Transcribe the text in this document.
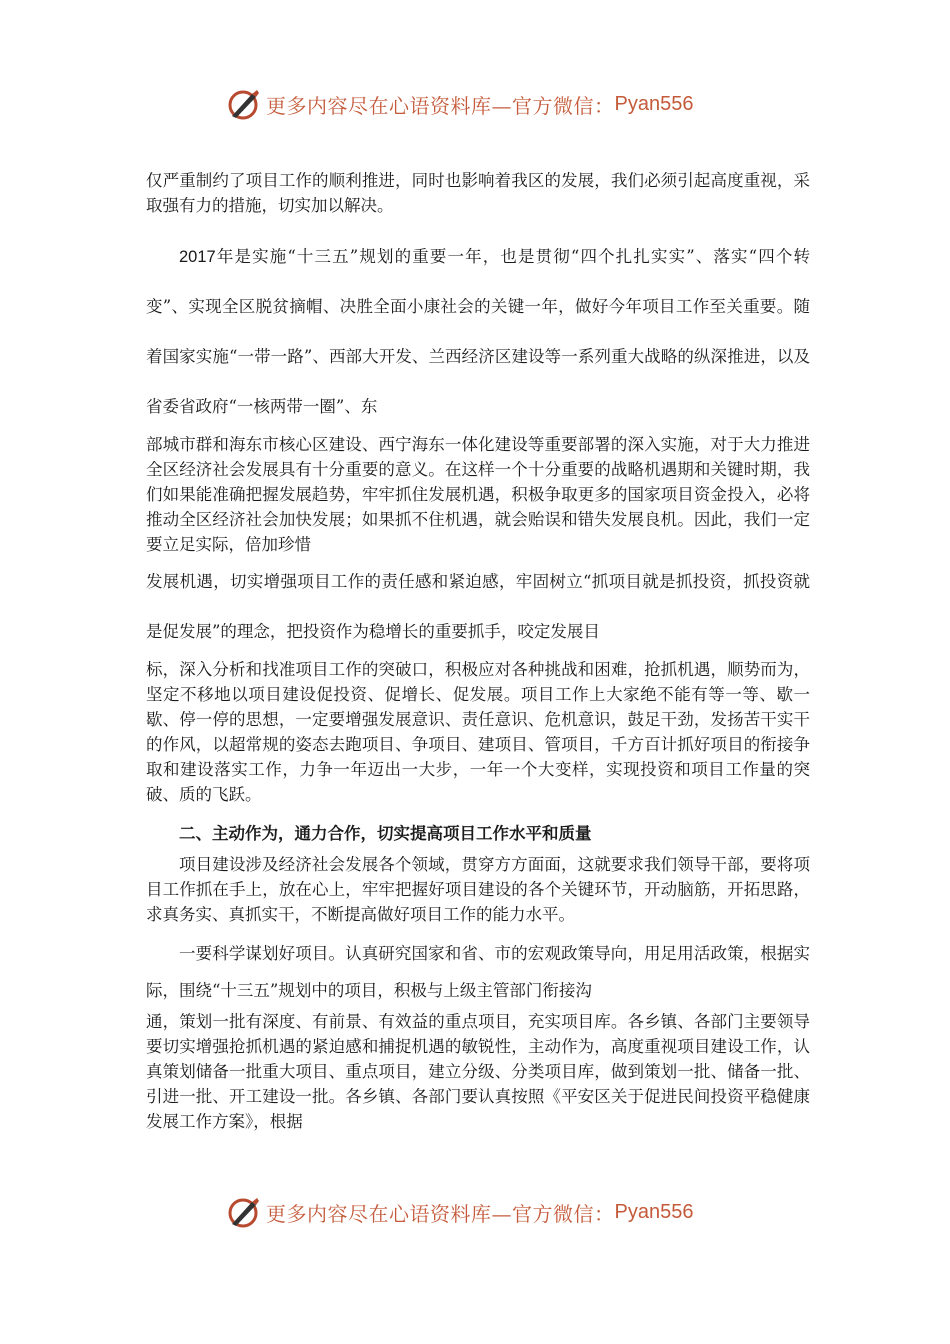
更多内容尽在心语资料库—官方微信： Pyan556

仅严重制约了项目工作的顺利推进，同时也影响着我区的发展，我们必须引起高度重视，采取强有力的措施，切实加以解决。

2017年是实施“十三五”规划的重要一年，也是贯彻“四个扎扎实实”、落实“四个转变”、实现全区脱贫摘帽、决胜全面小康社会的关键一年，做好今年项目工作至关重要。随着国家实施“一带一路”、西部大开发、兰西经济区建设等一系列重大战略的纵深推进，以及省委省政府“一核两带一圈”、东

部城市群和海东市核心区建设、西宁海东一体化建设等重要部署的深入实施，对于大力推进全区经济社会发展具有十分重要的意义。在这样一个十分重要的战略机遇期和关键时期，我们如果能准确把握发展趋势，牢牢抓住发展机遇，积极争取更多的国家项目资金投入，必将推动全区经济社会加快发展；如果抓不住机遇，就会贻误和错失发展良机。因此，我们一定要立足实际，倍加珍惜

发展机遇，切实增强项目工作的责任感和紧迫感，牢固树立“抓项目就是抓投资，抓投资就是促发展”的理念，把投资作为稳增长的重要抓手，咬定发展目

标，深入分析和找准项目工作的突破口，积极应对各种挑战和困难，抢抓机遇，顺势而为，坚定不移地以项目建设促投资、促增长、促发展。项目工作上大家绝不能有等一等、歇一歇、停一停的思想，一定要增强发展意识、责任意识、危机意识，鼓足干劲，发扬苦干实干的作风，以超常规的姿态去跑项目、争项目、建项目、管项目，千方百计抓好项目的衔接争取和建设落实工作，力争一年迈出一大步，一年一个大变样，实现投资和项目工作量的突破、质的飞跃。

二、主动作为，通力合作，切实提高项目工作水平和质量

项目建设涉及经济社会发展各个领域，贯穿方方面面，这就要求我们领导干部，要将项目工作抓在手上，放在心上，牢牢把握好项目建设的各个关键环节，开动脑筋，开拓思路，求真务实、真抓实干，不断提高做好项目工作的能力水平。

一要科学谋划好项目。认真研究国家和省、市的宏观政策导向，用足用活政策，根据实际，围绕“十三五”规划中的项目，积极与上级主管部门衔接沟

通，策划一批有深度、有前景、有效益的重点项目，充实项目库。各乡镇、各部门主要领导要切实增强抢抓机遇的紧迫感和捕捉机遇的敏锐性，主动作为，高度重视项目建设工作，认真策划储备一批重大项目、重点项目，建立分级、分类项目库，做到策划一批、储备一批、引进一批、开工建设一批。各乡镇、各部门要认真按照《平安区关于促进民间投资平稳健康发展工作方案》，根据

更多内容尽在心语资料库—官方微信： Pyan556
